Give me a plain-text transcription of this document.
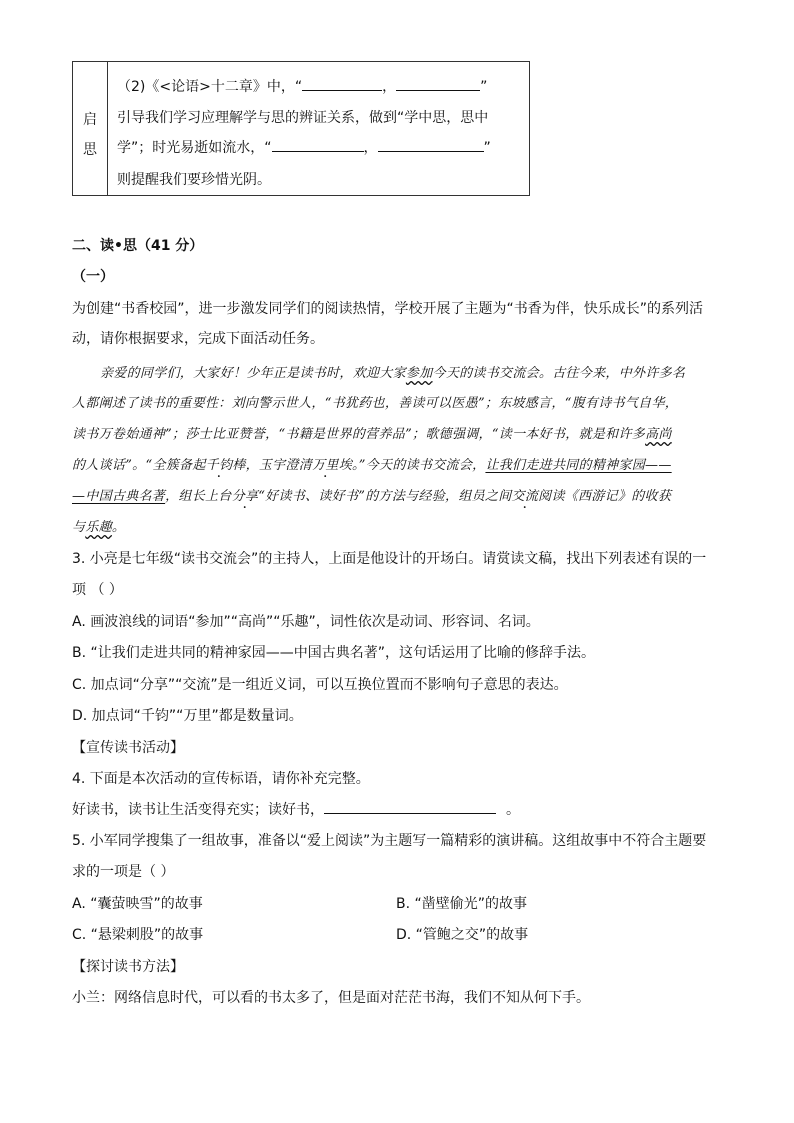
启
思
（2)《<论语>十二章》中，“	，	”
引导我们学习应理解学与思的辨证关系，做到“学中思，思中
学”；时光易逝如流水，“	，	”
则提醒我们要珍惜光阴。
二、读•思（41 分）
（一）
为创建“书香校园”，进一步激发同学们的阅读热情，学校开展了主题为“书香为伴，快乐成长”的系列活
动，请你根据要求，完成下面活动任务。
亲爱的同学们，大家好！少年正是读书时，欢迎大家参加今天的读书交流会。古往今来，中外许多名
人都阐述了读书的重要性：刘向警示世人，“书犹药也，善读可以医愚”；东坡感言，“腹有诗书气自华，
读书万卷始通神”；莎士比亚赞誉，“书籍是世界的营养品”；歌德强调，“读一本好书，就是和许多高尚
的人谈话”。“全簇备起千钧棒，玉宇澄清万里埃。”今天的读书交流会，让我们走进共同的精神家园——
—中国古典名著，组长上台分享“好读书、读好书”的方法与经验，组员之间交流阅读《西游记》的收获
与乐趣。
3. 小亮是七年级“读书交流会”的主持人，上面是他设计的开场白。请赏读文稿，找出下列表述有误的一
项 （ ）
A. 画波浪线的词语“参加”“高尚”“乐趣”，词性依次是动词、形容词、名词。
B. “让我们走进共同的精神家园——中国古典名著”，这句话运用了比喻的修辞手法。
C. 加点词“分享”“交流”是一组近义词，可以互换位置而不影响句子意思的表达。
D. 加点词“千钧”“万里”都是数量词。
【宣传读书活动】
4. 下面是本次活动的宣传标语，请你补充完整。
好读书，读书让生活变得充实；读好书，	。
5. 小军同学搜集了一组故事，准备以“爱上阅读”为主题写一篇精彩的演讲稿。这组故事中不符合主题要
求的一项是（ ）
A. “囊萤映雪”的故事	B. “凿壁偷光”的故事
C. “悬梁刺股”的故事	D. “管鲍之交”的故事
【探讨读书方法】
小兰：网络信息时代，可以看的书太多了，但是面对茫茫书海，我们不知从何下手。
